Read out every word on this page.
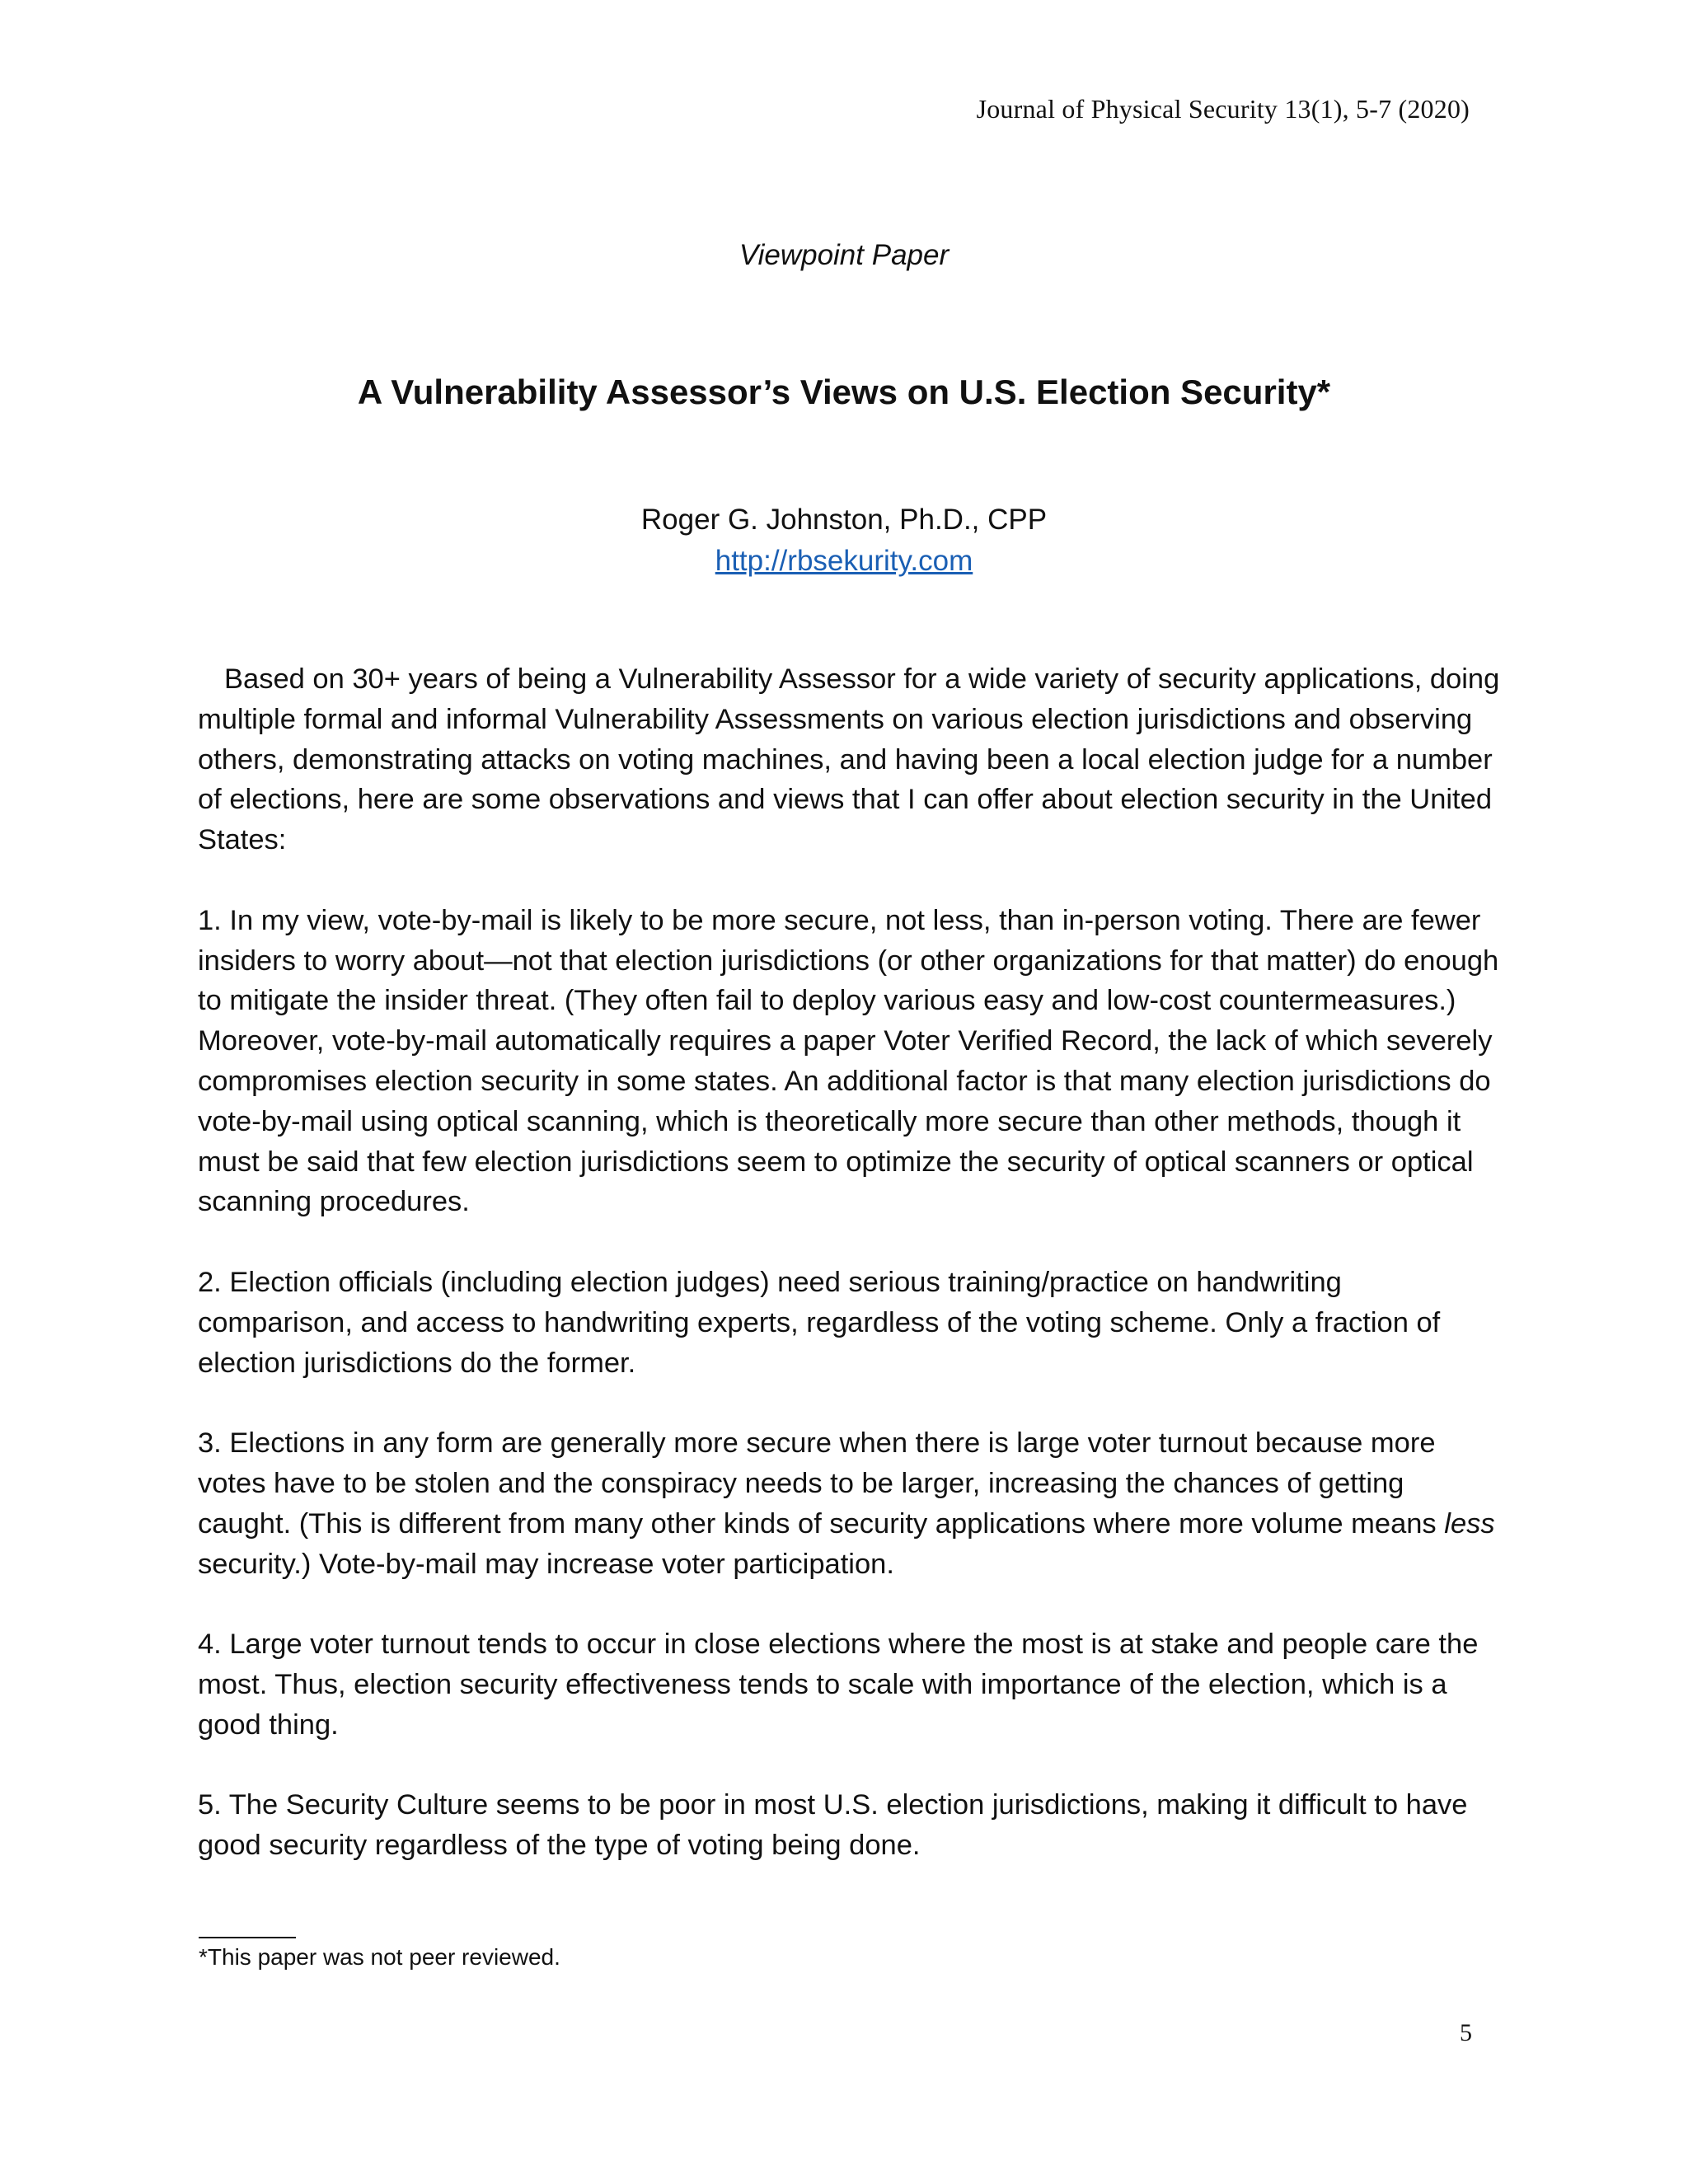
Journal of Physical Security 13(1), 5-7 (2020)
Viewpoint Paper
A Vulnerability Assessor’s Views on U.S. Election Security*
Roger G. Johnston, Ph.D., CPP
http://rbsekurity.com

Based on 30+ years of being a Vulnerability Assessor for a wide variety of security applications, doing multiple formal and informal Vulnerability Assessments on various election jurisdictions and observing others, demonstrating attacks on voting machines, and having been a local election judge for a number of elections, here are some observations and views that I can offer about election security in the United States:

1. In my view, vote-by-mail is likely to be more secure, not less, than in-person voting. There are fewer insiders to worry about—not that election jurisdictions (or other organizations for that matter) do enough to mitigate the insider threat. (They often fail to deploy various easy and low-cost countermeasures.) Moreover, vote-by-mail automatically requires a paper Voter Verified Record, the lack of which severely compromises election security in some states. An additional factor is that many election jurisdictions do vote-by-mail using optical scanning, which is theoretically more secure than other methods, though it must be said that few election jurisdictions seem to optimize the security of optical scanners or optical scanning procedures.

2. Election officials (including election judges) need serious training/practice on handwriting comparison, and access to handwriting experts, regardless of the voting scheme. Only a fraction of election jurisdictions do the former.

3. Elections in any form are generally more secure when there is large voter turnout because more votes have to be stolen and the conspiracy needs to be larger, increasing the chances of getting caught. (This is different from many other kinds of security applications where more volume means less security.) Vote-by-mail may increase voter participation.

4. Large voter turnout tends to occur in close elections where the most is at stake and people care the most. Thus, election security effectiveness tends to scale with importance of the election, which is a good thing.

5. The Security Culture seems to be poor in most U.S. election jurisdictions, making it difficult to have good security regardless of the type of voting being done.

*This paper was not peer reviewed.
5
